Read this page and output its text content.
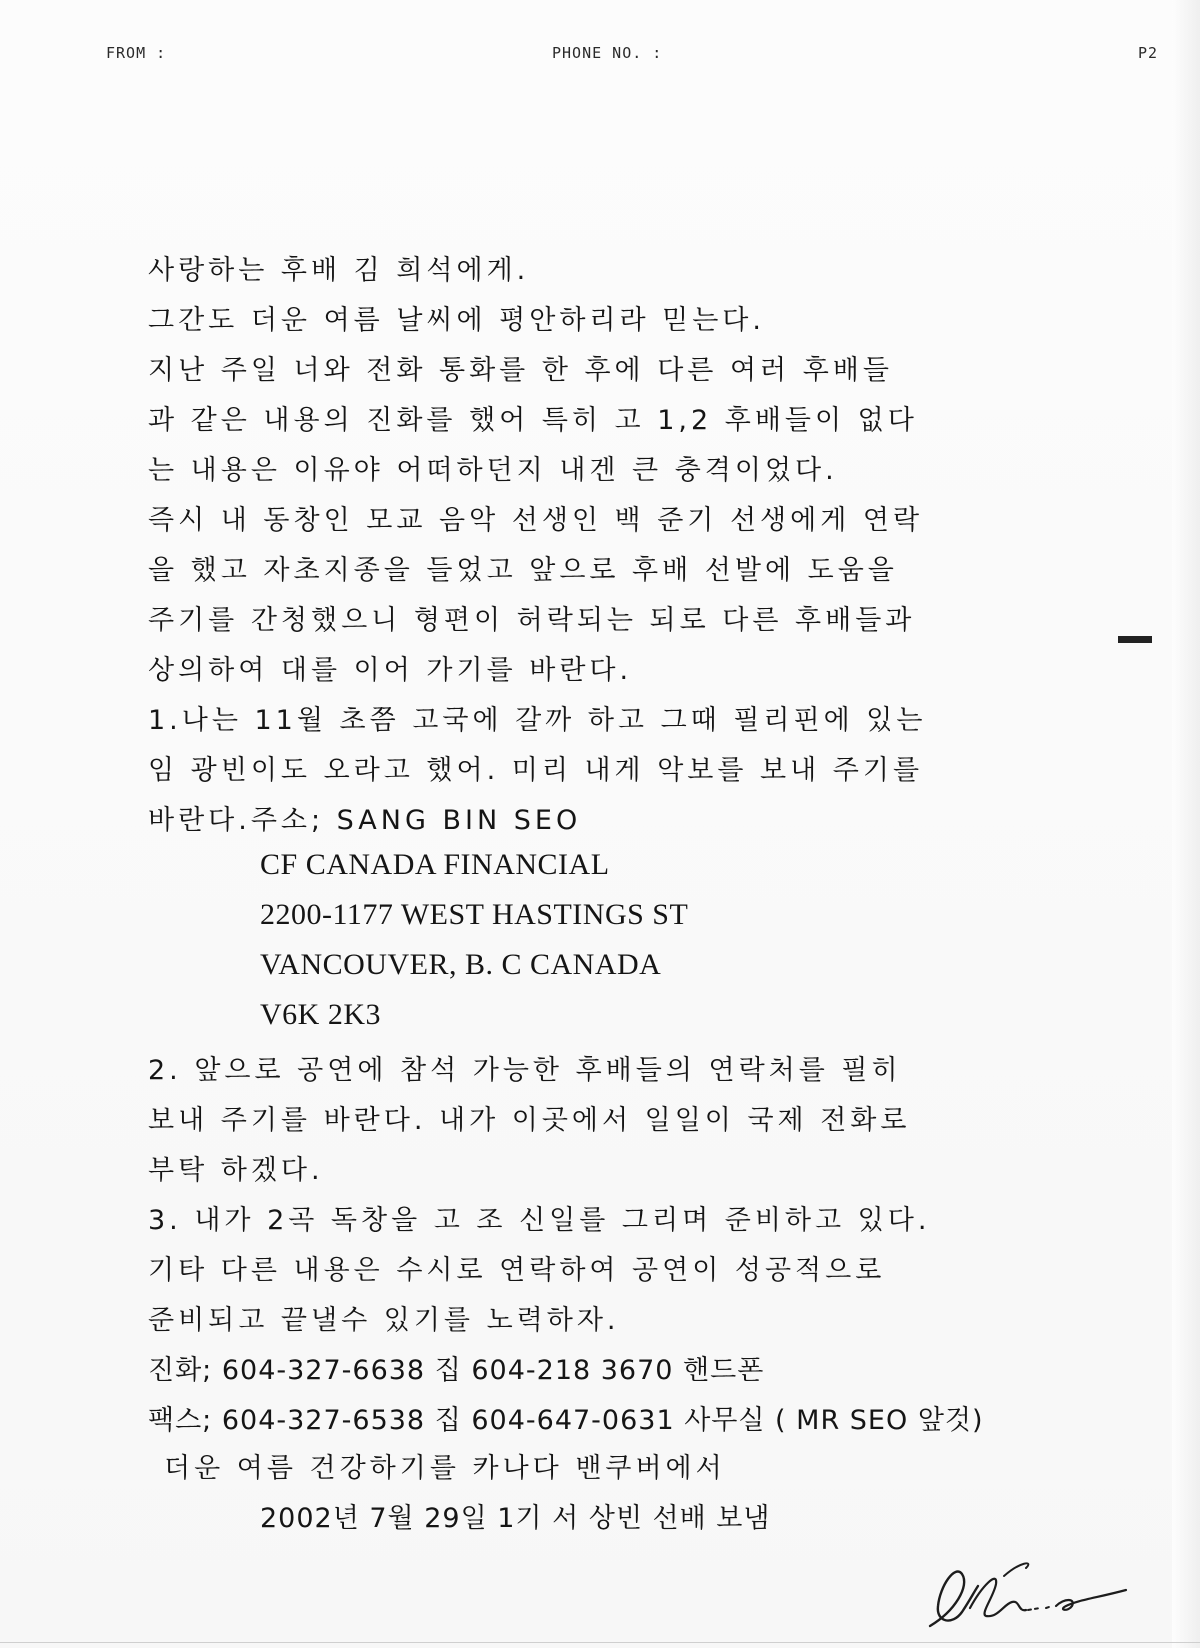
FROM :	PHONE NO. :	P2
사랑하는 후배 김 희석에게.
그간도 더운 여름 날씨에 평안하리라 믿는다.
지난 주일 너와 전화 통화를 한 후에 다른 여러 후배들
과 같은 내용의 진화를 했어 특히 고 1,2 후배들이 없다
는 내용은 이유야 어떠하던지 내겐 큰 충격이었다.
즉시 내 동창인 모교 음악 선생인 백 준기 선생에게 연락
을 했고 자초지종을 들었고 앞으로 후배 선발에 도움을
주기를 간청했으니 형편이 허락되는 되로 다른 후배들과
상의하여 대를 이어 가기를 바란다.
1.나는 11월 초쯤 고국에 갈까 하고 그때 필리핀에 있는
임 광빈이도 오라고 했어. 미리 내게 악보를 보내 주기를
바란다.주소; SANG BIN SEO
CF CANADA FINANCIAL
2200-1177 WEST HASTINGS ST
VANCOUVER, B. C CANADA
V6K 2K3
2. 앞으로 공연에 참석 가능한 후배들의 연락처를 필히
보내 주기를 바란다. 내가 이곳에서 일일이 국제 전화로
부탁 하겠다.
3. 내가 2곡 독창을 고 조 신일를 그리며 준비하고 있다.
기타 다른 내용은 수시로 연락하여 공연이 성공적으로
준비되고 끝낼수 있기를 노력하자.
진화; 604-327-6638 집 604-218 3670 핸드폰
팩스; 604-327-6538 집 604-647-0631 사무실 ( MR SEO 앞것)
더운 여름 건강하기를 카나다 밴쿠버에서
2002년 7월 29일 1기 서 상빈 선배 보냄
